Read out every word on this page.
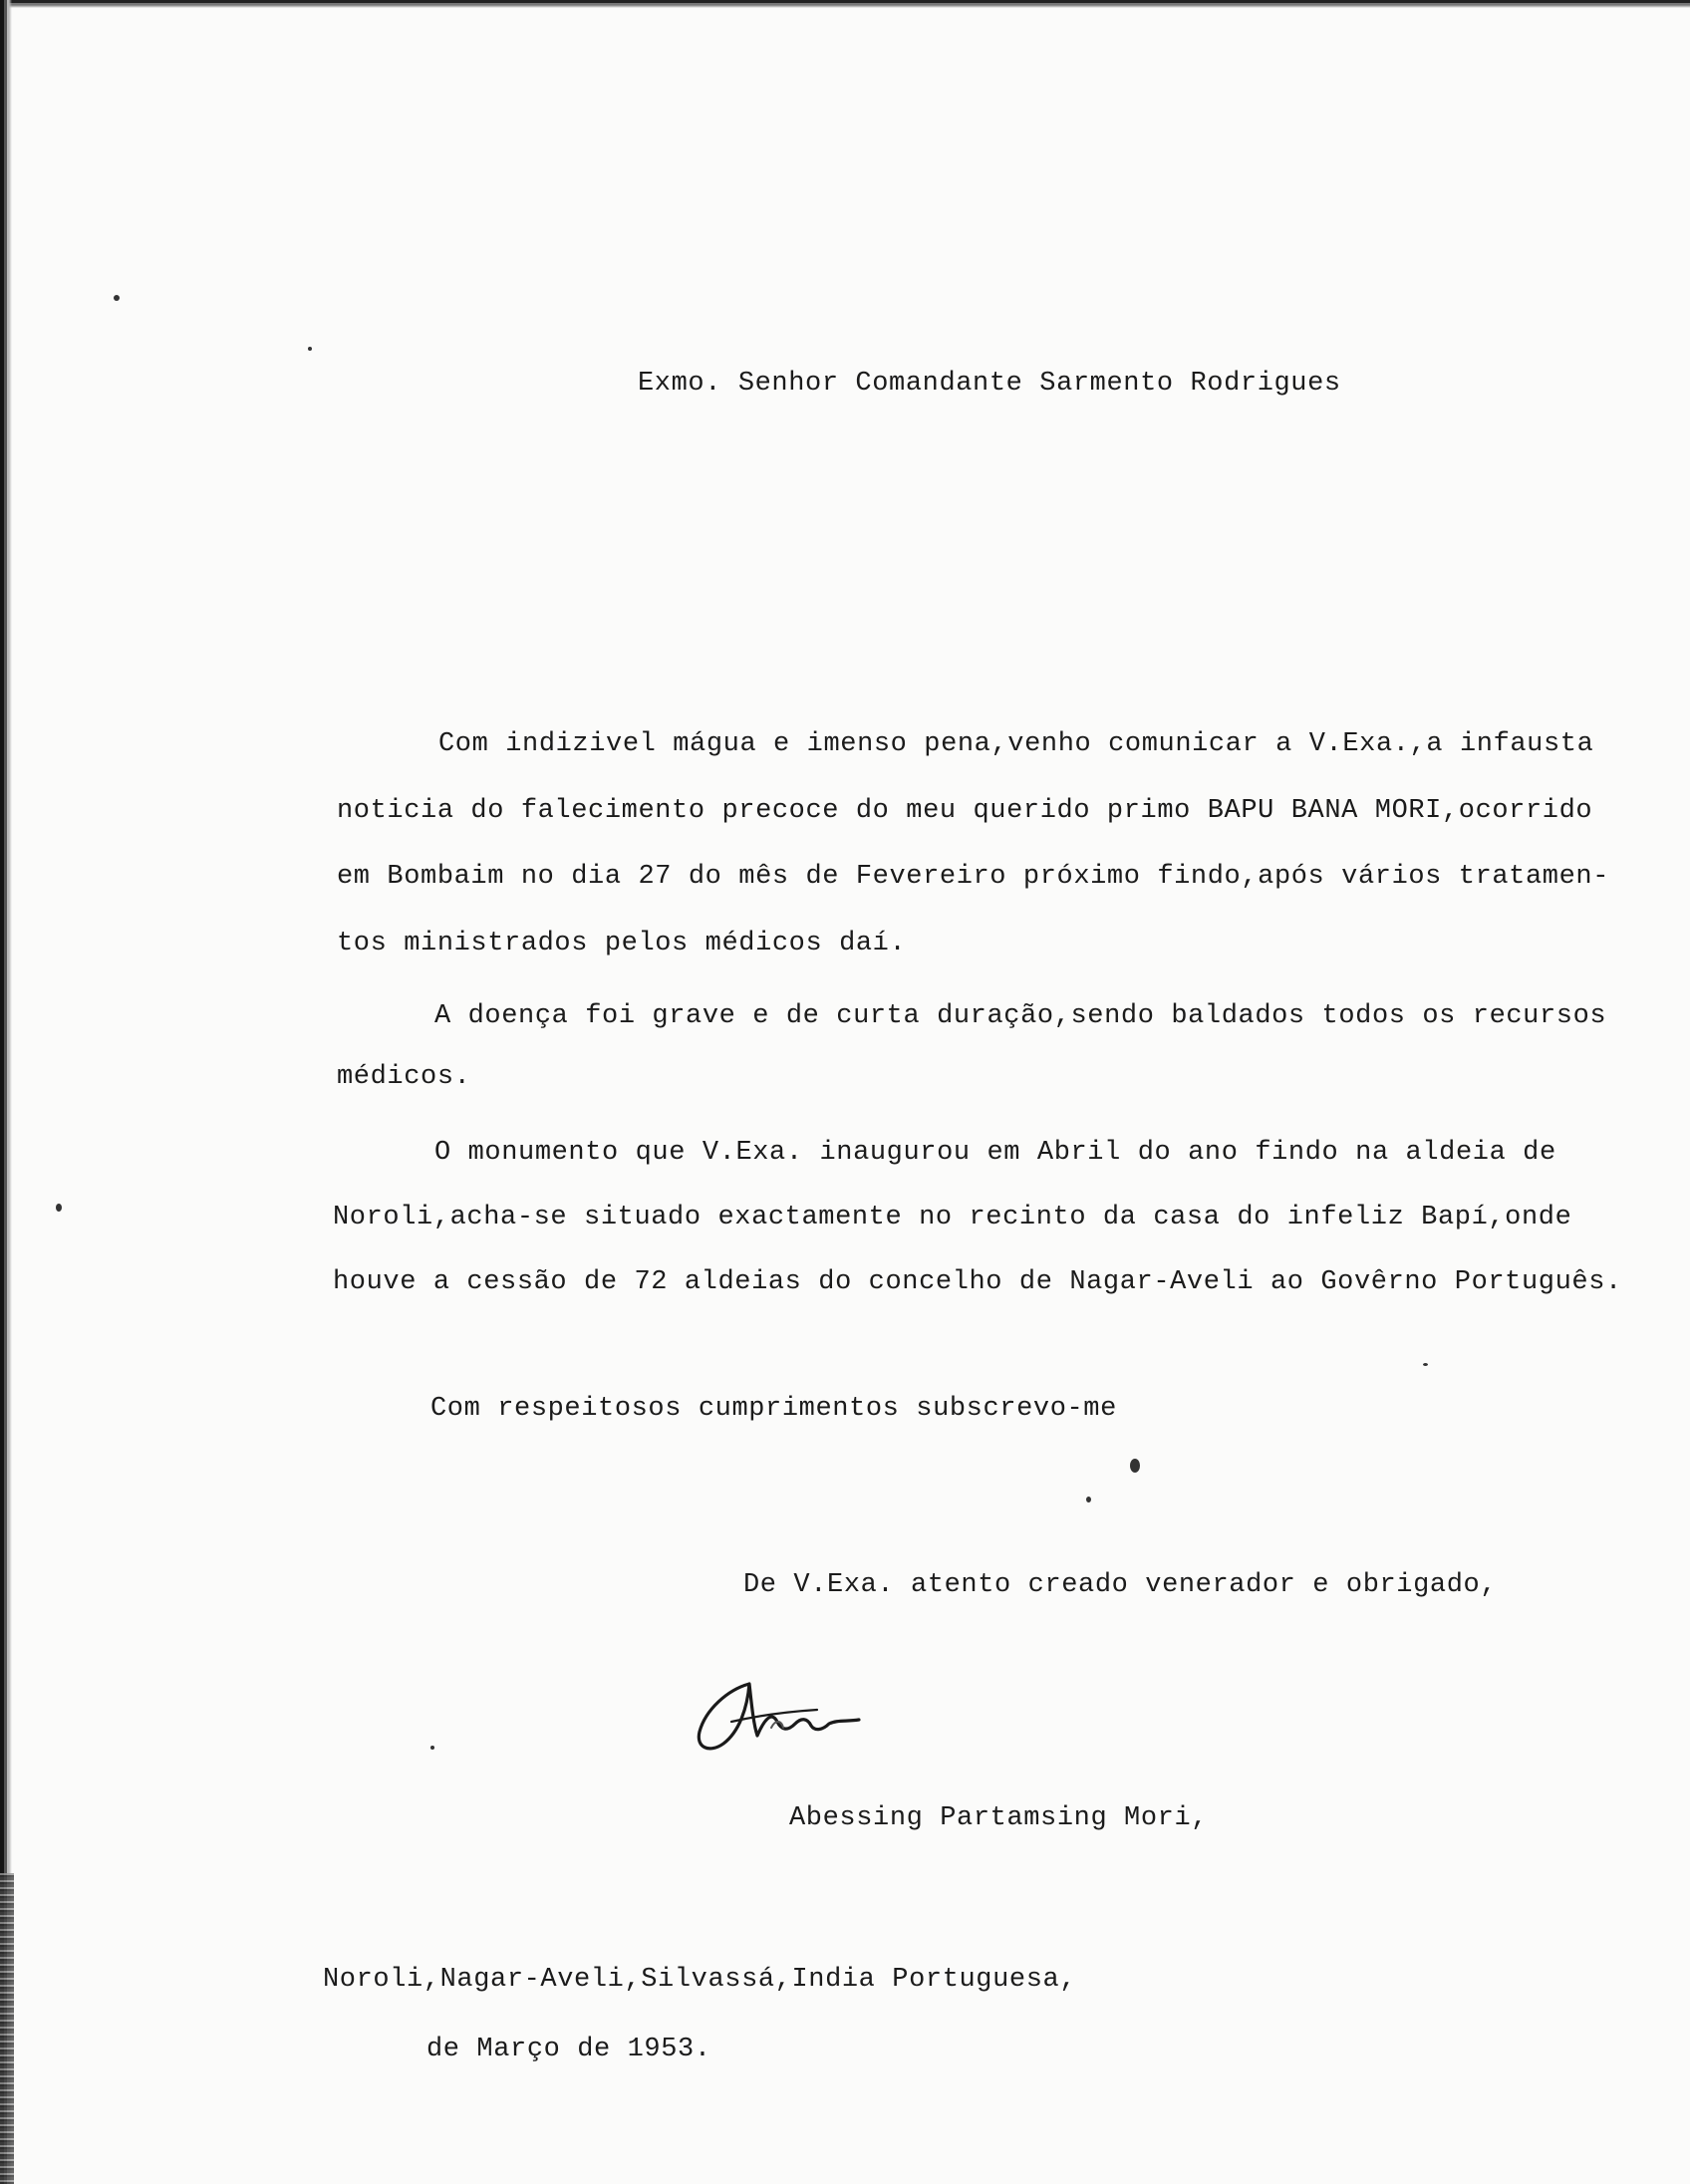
Exmo. Senhor Comandante Sarmento Rodrigues
Com indizivel mágua e imenso pena,venho comunicar a V.Exa.,a infausta
noticia do falecimento precoce do meu querido primo BAPU BANA MORI,ocorrido
em Bombaim no dia 27 do mês de Fevereiro próximo findo,após vários tratamen-
tos ministrados pelos médicos daí.
A doença foi grave e de curta duração,sendo baldados todos os recursos
médicos.
O monumento que V.Exa. inaugurou em Abril do ano findo na aldeia de
Noroli,acha-se situado exactamente no recinto da casa do infeliz Bapí,onde
houve a cessão de 72 aldeias do concelho de Nagar-Aveli ao Govêrno Português.
Com respeitosos cumprimentos subscrevo-me
De V.Exa. atento creado venerador e obrigado,
Abessing Partamsing Mori,
Noroli,Nagar-Aveli,Silvassá,India Portuguesa,
de Março de 1953.
